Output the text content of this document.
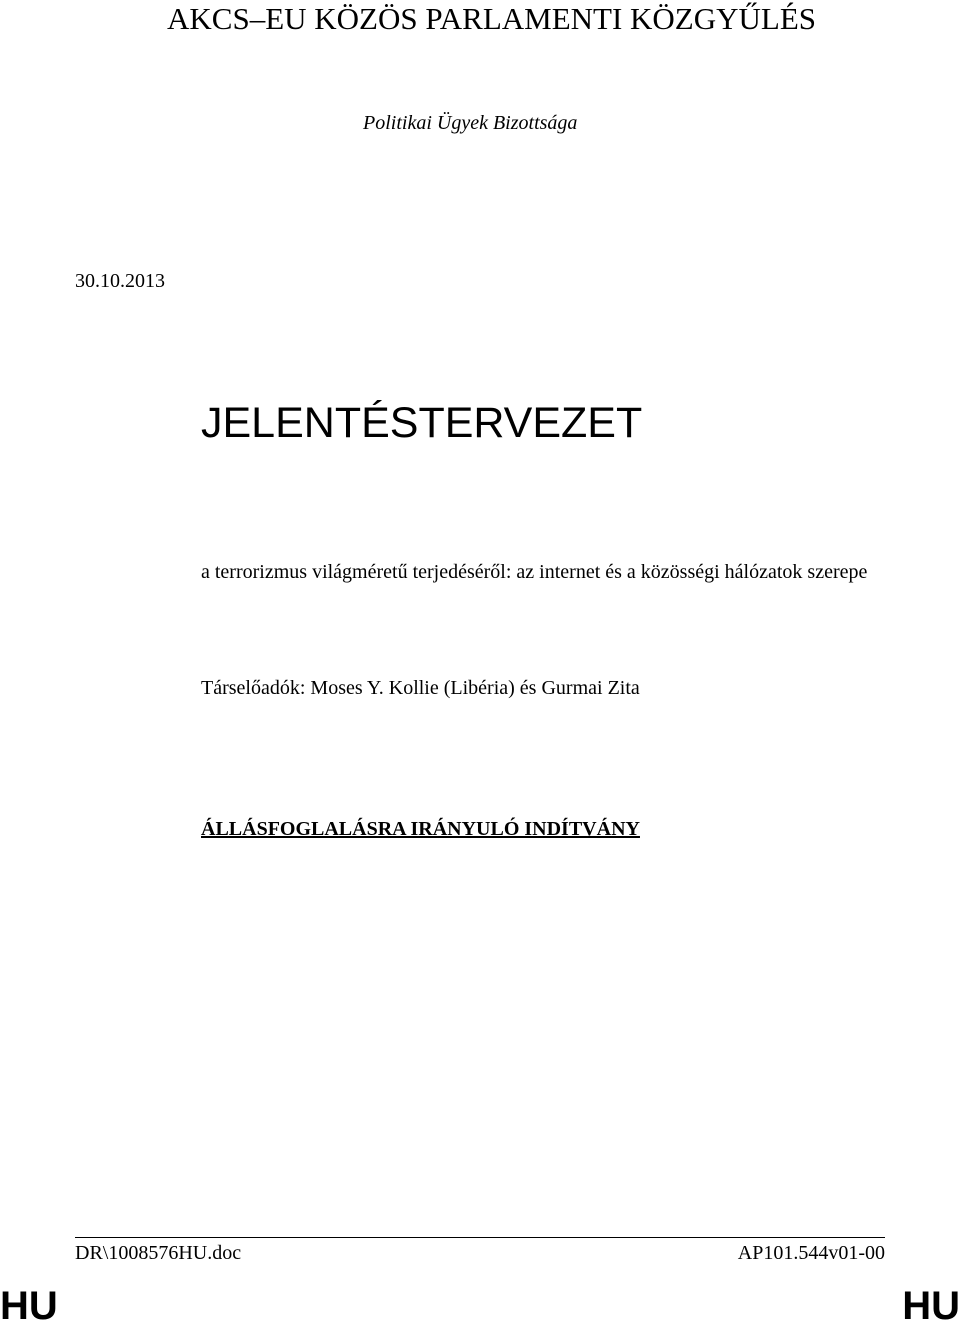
AKCS–EU KÖZÖS PARLAMENTI KÖZGYŰLÉS
Politikai Ügyek Bizottsága
30.10.2013
JELENTÉSTERVEZET
a terrorizmus világméretű terjedéséről: az internet és a közösségi hálózatok szerepe
Társelőadók: Moses Y. Kollie (Libéria) és Gurmai Zita
ÁLLÁSFOGLALÁSRA IRÁNYULÓ INDÍTVÁNY
DR\1008576HU.doc	AP101.544v01-00
HU	HU
